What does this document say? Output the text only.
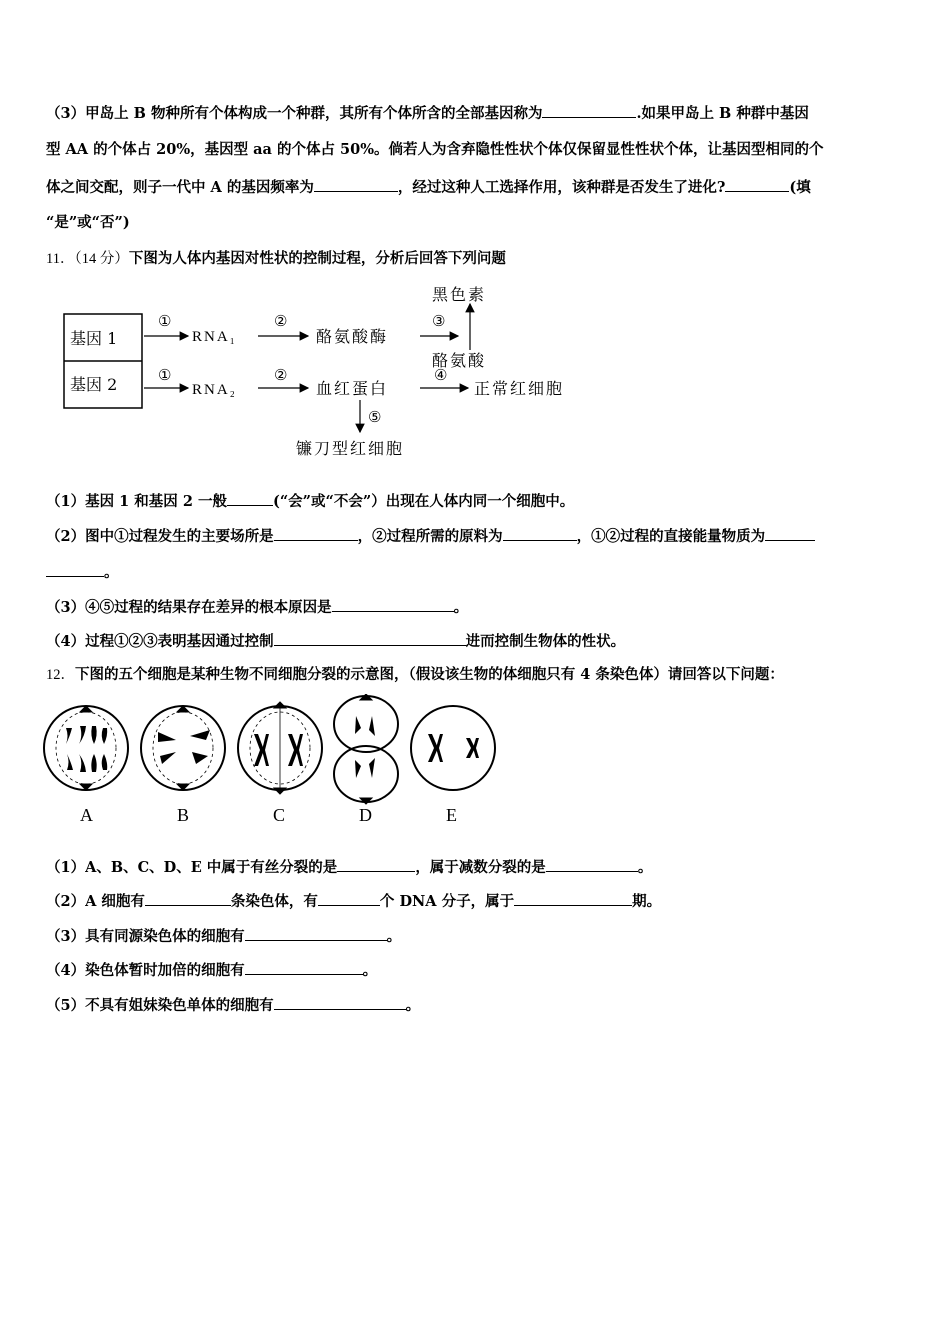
（3）甲岛上 B 物种所有个体构成一个种群，其所有个体所含的全部基因称为	.如果甲岛上 B 种群中基因
型 AA 的个体占 20%，基因型 aa 的个体占 50%。倘若人为含弃隐性性状个体仅保留显性性状个体，让基因型相同的个
体之间交配，则子一代中 A 的基因频率为	，经过这种人工选择作用，该种群是否发生了进化?	(填
“是”或“否”)
11．（14 分）下图为人体内基因对性状的控制过程，分析后回答下列问题
基因 1
基因 2
①
RNA₁
②
酪氨酸酶
③
黑色素
酪氨酸
①
RNA₂
②
血红蛋白
④
正常红细胞
⑤
镰刀型红细胞
（1）基因 1 和基因 2 一般	(“会”或“不会”）出现在人体内同一个细胞中。
（2）图中①过程发生的主要场所是	，②过程所需的原料为	，①②过程的直接能量物质为
。
（3）④⑤过程的结果存在差异的根本原因是	。
（4）过程①②③表明基因通过控制	进而控制生物体的性状。
12．下图的五个细胞是某种生物不同细胞分裂的示意图，（假设该生物的体细胞只有 4 条染色体）请回答以下问题：
A	B	C	D	E
（1）A、B、C、D、E 中属于有丝分裂的是	，属于减数分裂的是	。
（2）A 细胞有	条染色体，有	个 DNA 分子，属于	期。
（3）具有同源染色体的细胞有	。
（4）染色体暂时加倍的细胞有	。
（5）不具有姐妹染色单体的细胞有	。
